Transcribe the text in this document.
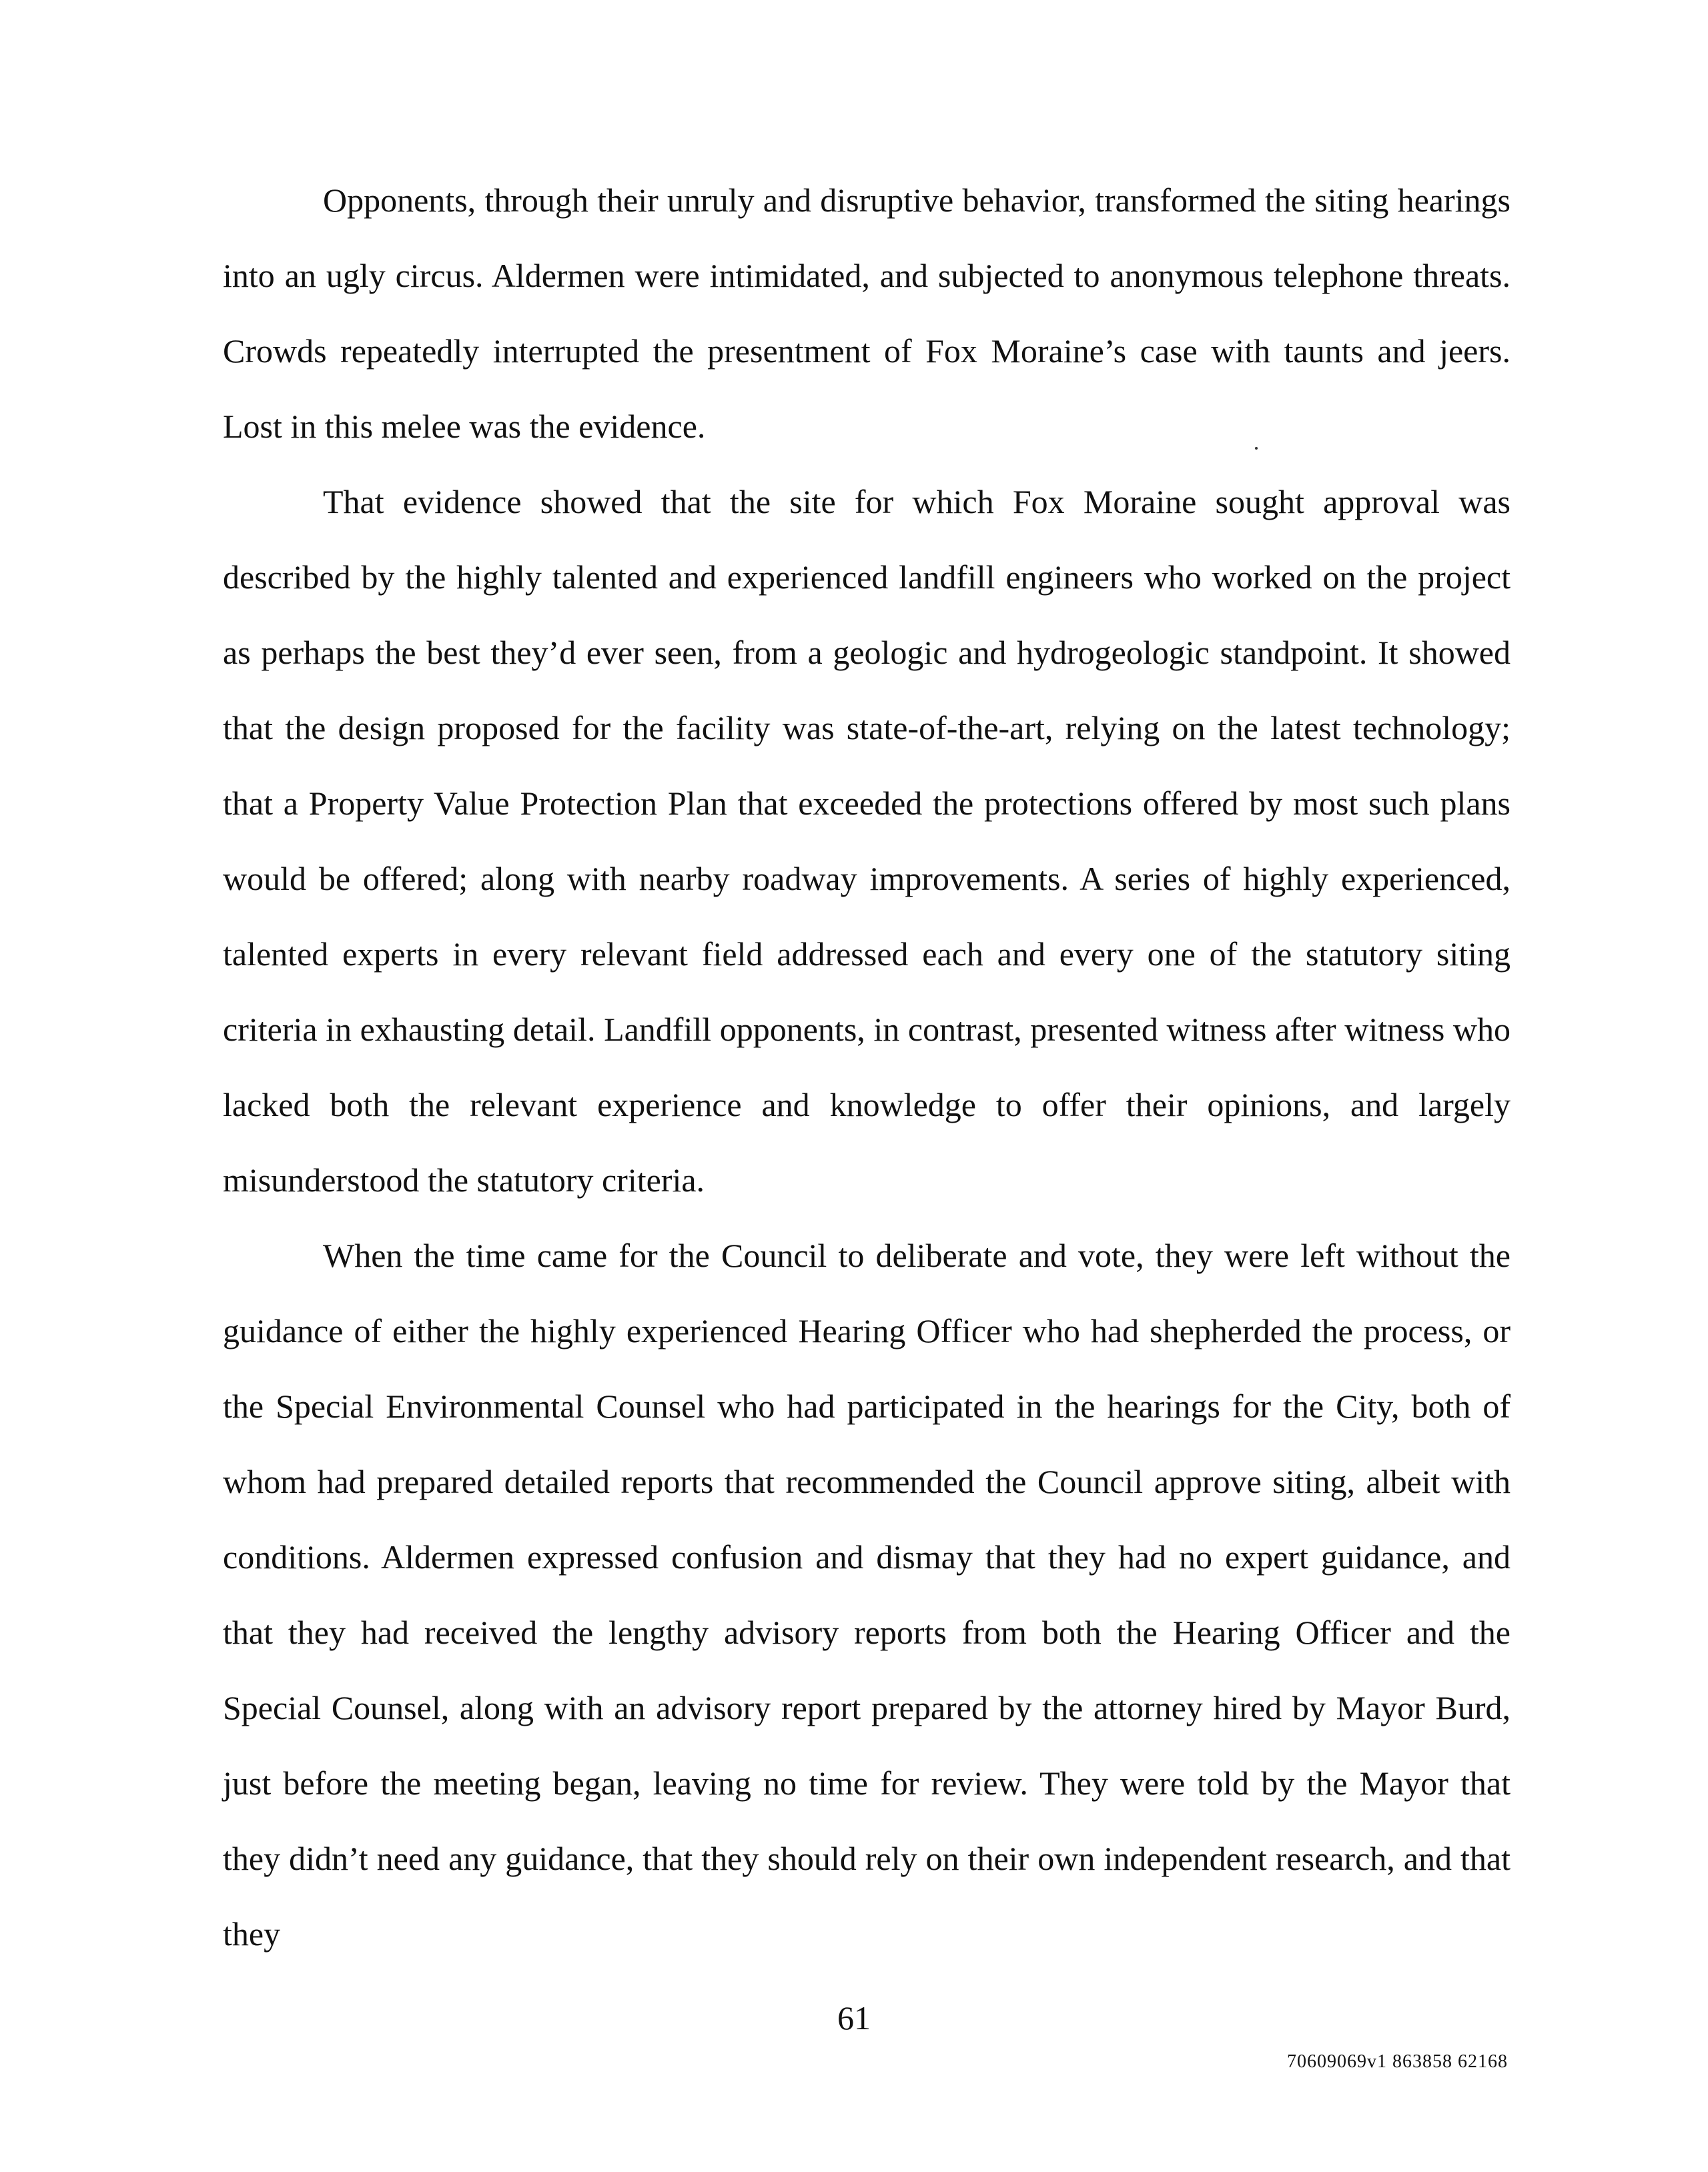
Opponents, through their unruly and disruptive behavior, transformed the siting hearings into an ugly circus. Aldermen were intimidated, and subjected to anonymous telephone threats. Crowds repeatedly interrupted the presentment of Fox Moraine’s case with taunts and jeers. Lost in this melee was the evidence.

That evidence showed that the site for which Fox Moraine sought approval was described by the highly talented and experienced landfill engineers who worked on the project as perhaps the best they’d ever seen, from a geologic and hydrogeologic standpoint. It showed that the design proposed for the facility was state-of-the-art, relying on the latest technology; that a Property Value Protection Plan that exceeded the protections offered by most such plans would be offered; along with nearby roadway improvements. A series of highly experienced, talented experts in every relevant field addressed each and every one of the statutory siting criteria in exhausting detail. Landfill opponents, in contrast, presented witness after witness who lacked both the relevant experience and knowledge to offer their opinions, and largely misunderstood the statutory criteria.

When the time came for the Council to deliberate and vote, they were left without the guidance of either the highly experienced Hearing Officer who had shepherded the process, or the Special Environmental Counsel who had participated in the hearings for the City, both of whom had prepared detailed reports that recommended the Council approve siting, albeit with conditions. Aldermen expressed confusion and dismay that they had no expert guidance, and that they had received the lengthy advisory reports from both the Hearing Officer and the Special Counsel, along with an advisory report prepared by the attorney hired by Mayor Burd, just before the meeting began, leaving no time for review. They were told by the Mayor that they didn’t need any guidance, that they should rely on their own independent research, and that they

61
70609069v1 863858 62168
